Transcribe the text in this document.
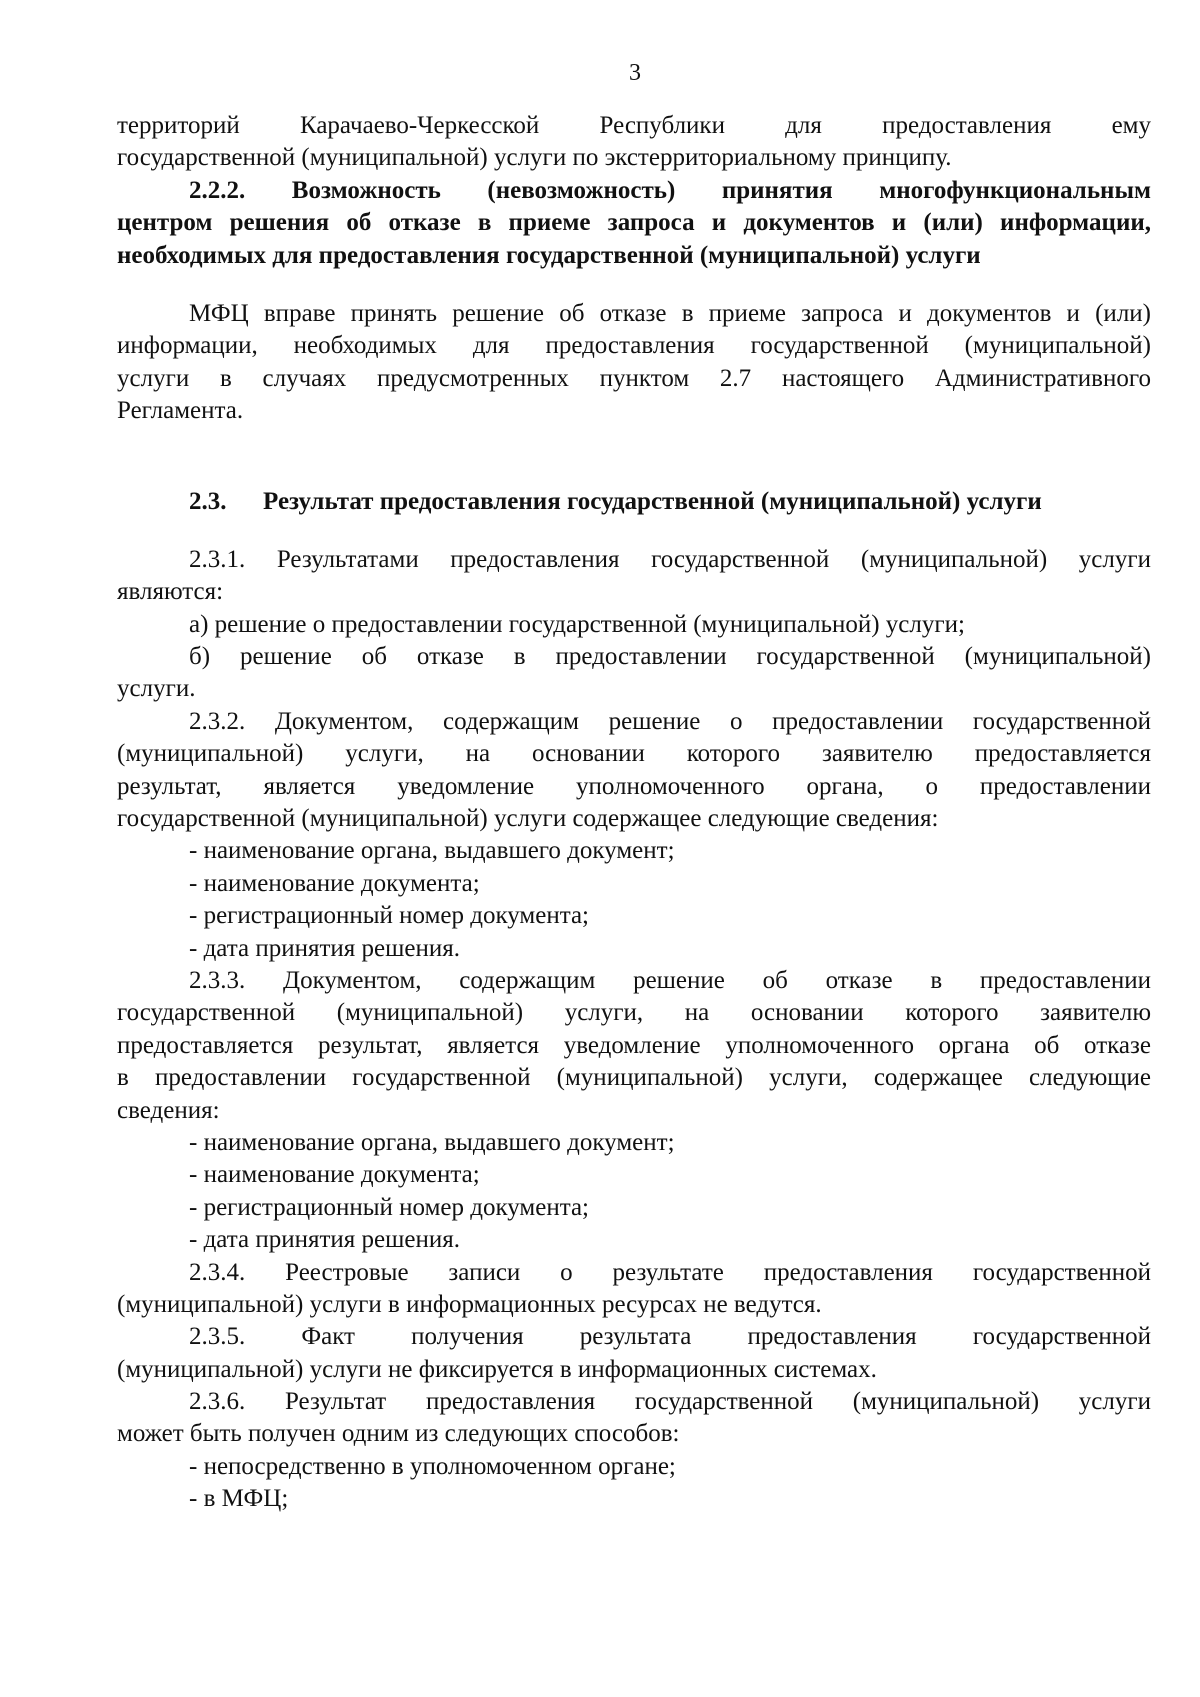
3
территорий Карачаево-Черкесской Республики для предоставления ему
государственной (муниципальной) услуги по экстерриториальному принципу.
2.2.2. Возможность (невозможность) принятия многофункциональным
центром решения об отказе в приеме запроса и документов и (или) информации,
необходимых для предоставления государственной (муниципальной) услуги
МФЦ вправе принять решение об отказе в приеме запроса и документов и (или)
информации, необходимых для предоставления государственной (муниципальной)
услуги в случаях предусмотренных пунктом 2.7 настоящего Административного
Регламента.
2.3.	Результат предоставления государственной (муниципальной) услуги
2.3.1. Результатами предоставления государственной (муниципальной) услуги
являются:
а) решение о предоставлении государственной (муниципальной) услуги;
б) решение об отказе в предоставлении государственной (муниципальной)
услуги.
2.3.2. Документом, содержащим решение о предоставлении государственной
(муниципальной) услуги, на основании которого заявителю предоставляется
результат, является уведомление уполномоченного органа, о предоставлении
государственной (муниципальной) услуги содержащее следующие сведения:
- наименование органа, выдавшего документ;
- наименование документа;
- регистрационный номер документа;
- дата принятия решения.
2.3.3. Документом, содержащим решение об отказе в предоставлении
государственной (муниципальной) услуги, на основании которого заявителю
предоставляется результат, является уведомление уполномоченного органа об отказе
в предоставлении государственной (муниципальной) услуги, содержащее следующие
сведения:
- наименование органа, выдавшего документ;
- наименование документа;
- регистрационный номер документа;
- дата принятия решения.
2.3.4. Реестровые записи о результате предоставления государственной
(муниципальной) услуги в информационных ресурсах не ведутся.
2.3.5. Факт получения результата предоставления государственной
(муниципальной) услуги не фиксируется в информационных системах.
2.3.6. Результат предоставления государственной (муниципальной) услуги
может быть получен одним из следующих способов:
- непосредственно в уполномоченном органе;
- в МФЦ;
